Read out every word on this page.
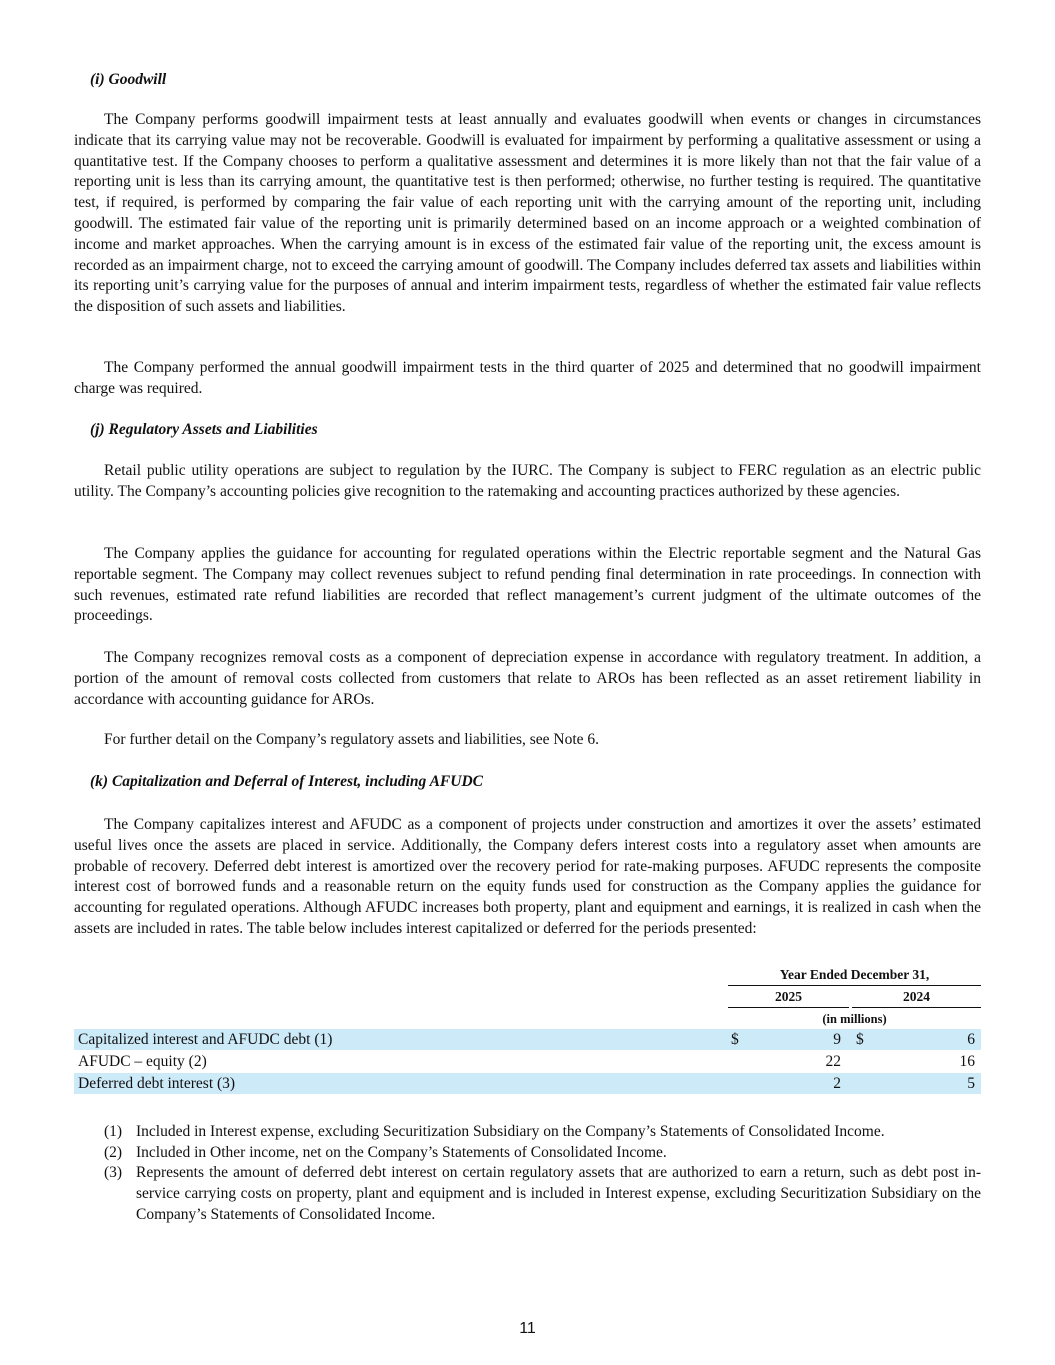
(i) Goodwill

The Company performs goodwill impairment tests at least annually and evaluates goodwill when events or changes in circumstances indicate that its carrying value may not be recoverable. Goodwill is evaluated for impairment by performing a qualitative assessment or using a quantitative test. If the Company chooses to perform a qualitative assessment and determines it is more likely than not that the fair value of a reporting unit is less than its carrying amount, the quantitative test is then performed; otherwise, no further testing is required. The quantitative test, if required, is performed by comparing the fair value of each reporting unit with the carrying amount of the reporting unit, including goodwill. The estimated fair value of the reporting unit is primarily determined based on an income approach or a weighted combination of income and market approaches. When the carrying amount is in excess of the estimated fair value of the reporting unit, the excess amount is recorded as an impairment charge, not to exceed the carrying amount of goodwill. The Company includes deferred tax assets and liabilities within its reporting unit’s carrying value for the purposes of annual and interim impairment tests, regardless of whether the estimated fair value reflects the disposition of such assets and liabilities.

The Company performed the annual goodwill impairment tests in the third quarter of 2025 and determined that no goodwill impairment charge was required.

(j) Regulatory Assets and Liabilities

Retail public utility operations are subject to regulation by the IURC. The Company is subject to FERC regulation as an electric public utility. The Company’s accounting policies give recognition to the ratemaking and accounting practices authorized by these agencies.

The Company applies the guidance for accounting for regulated operations within the Electric reportable segment and the Natural Gas reportable segment. The Company may collect revenues subject to refund pending final determination in rate proceedings. In connection with such revenues, estimated rate refund liabilities are recorded that reflect management’s current judgment of the ultimate outcomes of the proceedings.

The Company recognizes removal costs as a component of depreciation expense in accordance with regulatory treatment. In addition, a portion of the amount of removal costs collected from customers that relate to AROs has been reflected as an asset retirement liability in accordance with accounting guidance for AROs.

For further detail on the Company’s regulatory assets and liabilities, see Note 6.

(k) Capitalization and Deferral of Interest, including AFUDC

The Company capitalizes interest and AFUDC as a component of projects under construction and amortizes it over the assets’ estimated useful lives once the assets are placed in service. Additionally, the Company defers interest costs into a regulatory asset when amounts are probable of recovery. Deferred debt interest is amortized over the recovery period for rate-making purposes. AFUDC represents the composite interest cost of borrowed funds and a reasonable return on the equity funds used for construction as the Company applies the guidance for accounting for regulated operations. Although AFUDC increases both property, plant and equipment and earnings, it is realized in cash when the assets are included in rates. The table below includes interest capitalized or deferred for the periods presented:

Year Ended December 31,
2025	2024
(in millions)
Capitalized interest and AFUDC debt (1)	$	9 $	6
AFUDC – equity (2)	22	16
Deferred debt interest (3)	2	5
(1) Included in Interest expense, excluding Securitization Subsidiary on the Company’s Statements of Consolidated Income.
(2) Included in Other income, net on the Company’s Statements of Consolidated Income.
(3) Represents the amount of deferred debt interest on certain regulatory assets that are authorized to earn a return, such as debt post in-service carrying costs on property, plant and equipment and is included in Interest expense, excluding Securitization Subsidiary on the Company’s Statements of Consolidated Income.
11
